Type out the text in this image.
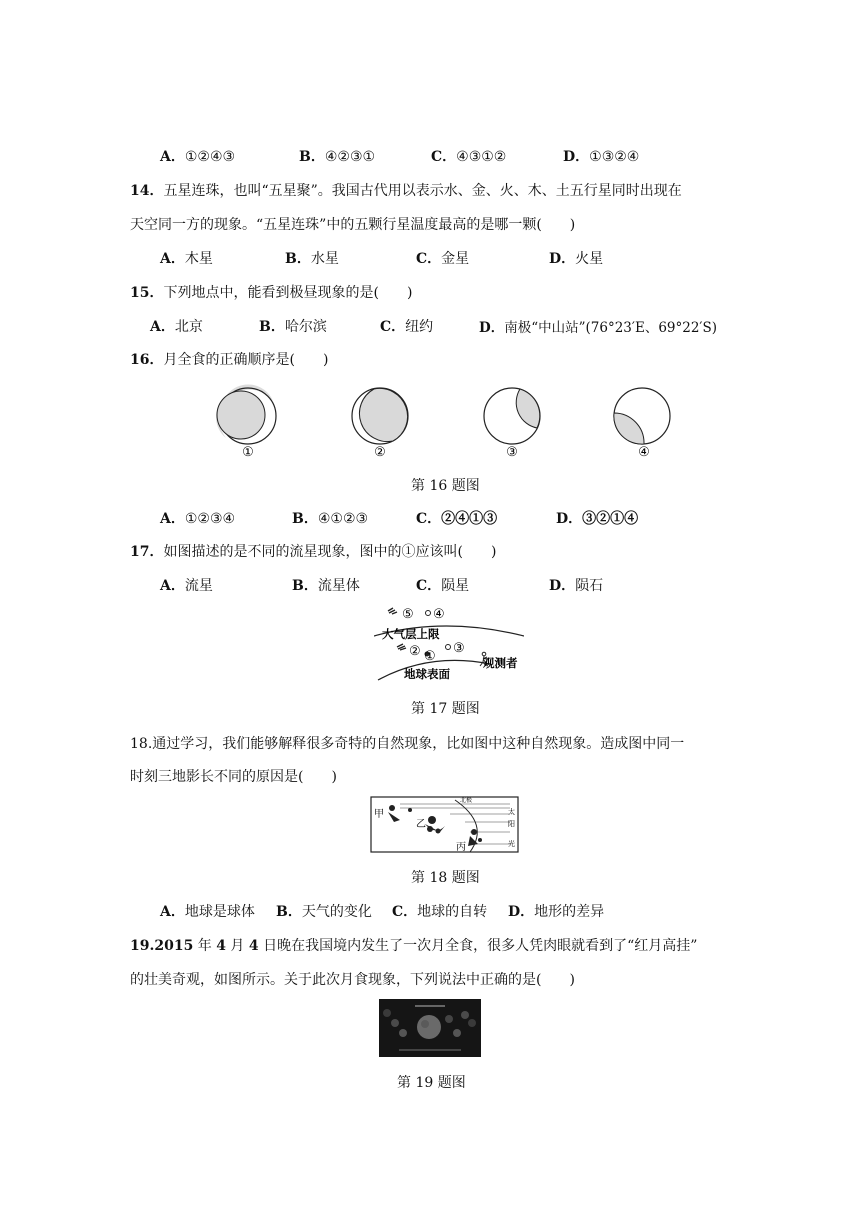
A．①②④③	B．④②③①	C．④③①②	D．①③②④
14．五星连珠，也叫“五星聚”。我国古代用以表示水、金、火、木、土五行星同时出现在
天空同一方的现象。“五星连珠”中的五颗行星温度最高的是哪一颗(　　)
A．木星	B．水星	C．金星	D．火星
15．下列地点中，能看到极昼现象的是(　　)
A．北京	B．哈尔滨	C．纽约	D．南极“中山站”(76°23′E、69°22′S)
16．月全食的正确顺序是(　　)
①	②	③	④
第 16 题图
A．①②③④	B．④①②③	C．②④①③	D．③②①④
17．如图描述的是不同的流星现象，图中的①应该叫(　　)
A．流星	B．流星体	C．陨星	D．陨石
⑤ ④
大气层上限
② ①
③
观测者
地球表面
第 17 题图
18.通过学习，我们能够解释很多奇特的自然现象，比如图中这种自然现象。造成图中同一
时刻三地影长不同的原因是(　　)
甲
乙
丙
北极
太
阳
光
第 18 题图
A．地球是球体 B．天气的变化 C．地球的自转 D．地形的差异
19.2015 年 4 月 4 日晚在我国境内发生了一次月全食，很多人凭肉眼就看到了“红月高挂”
的壮美奇观，如图所示。关于此次月食现象，下列说法中正确的是(　　)
第 19 题图
